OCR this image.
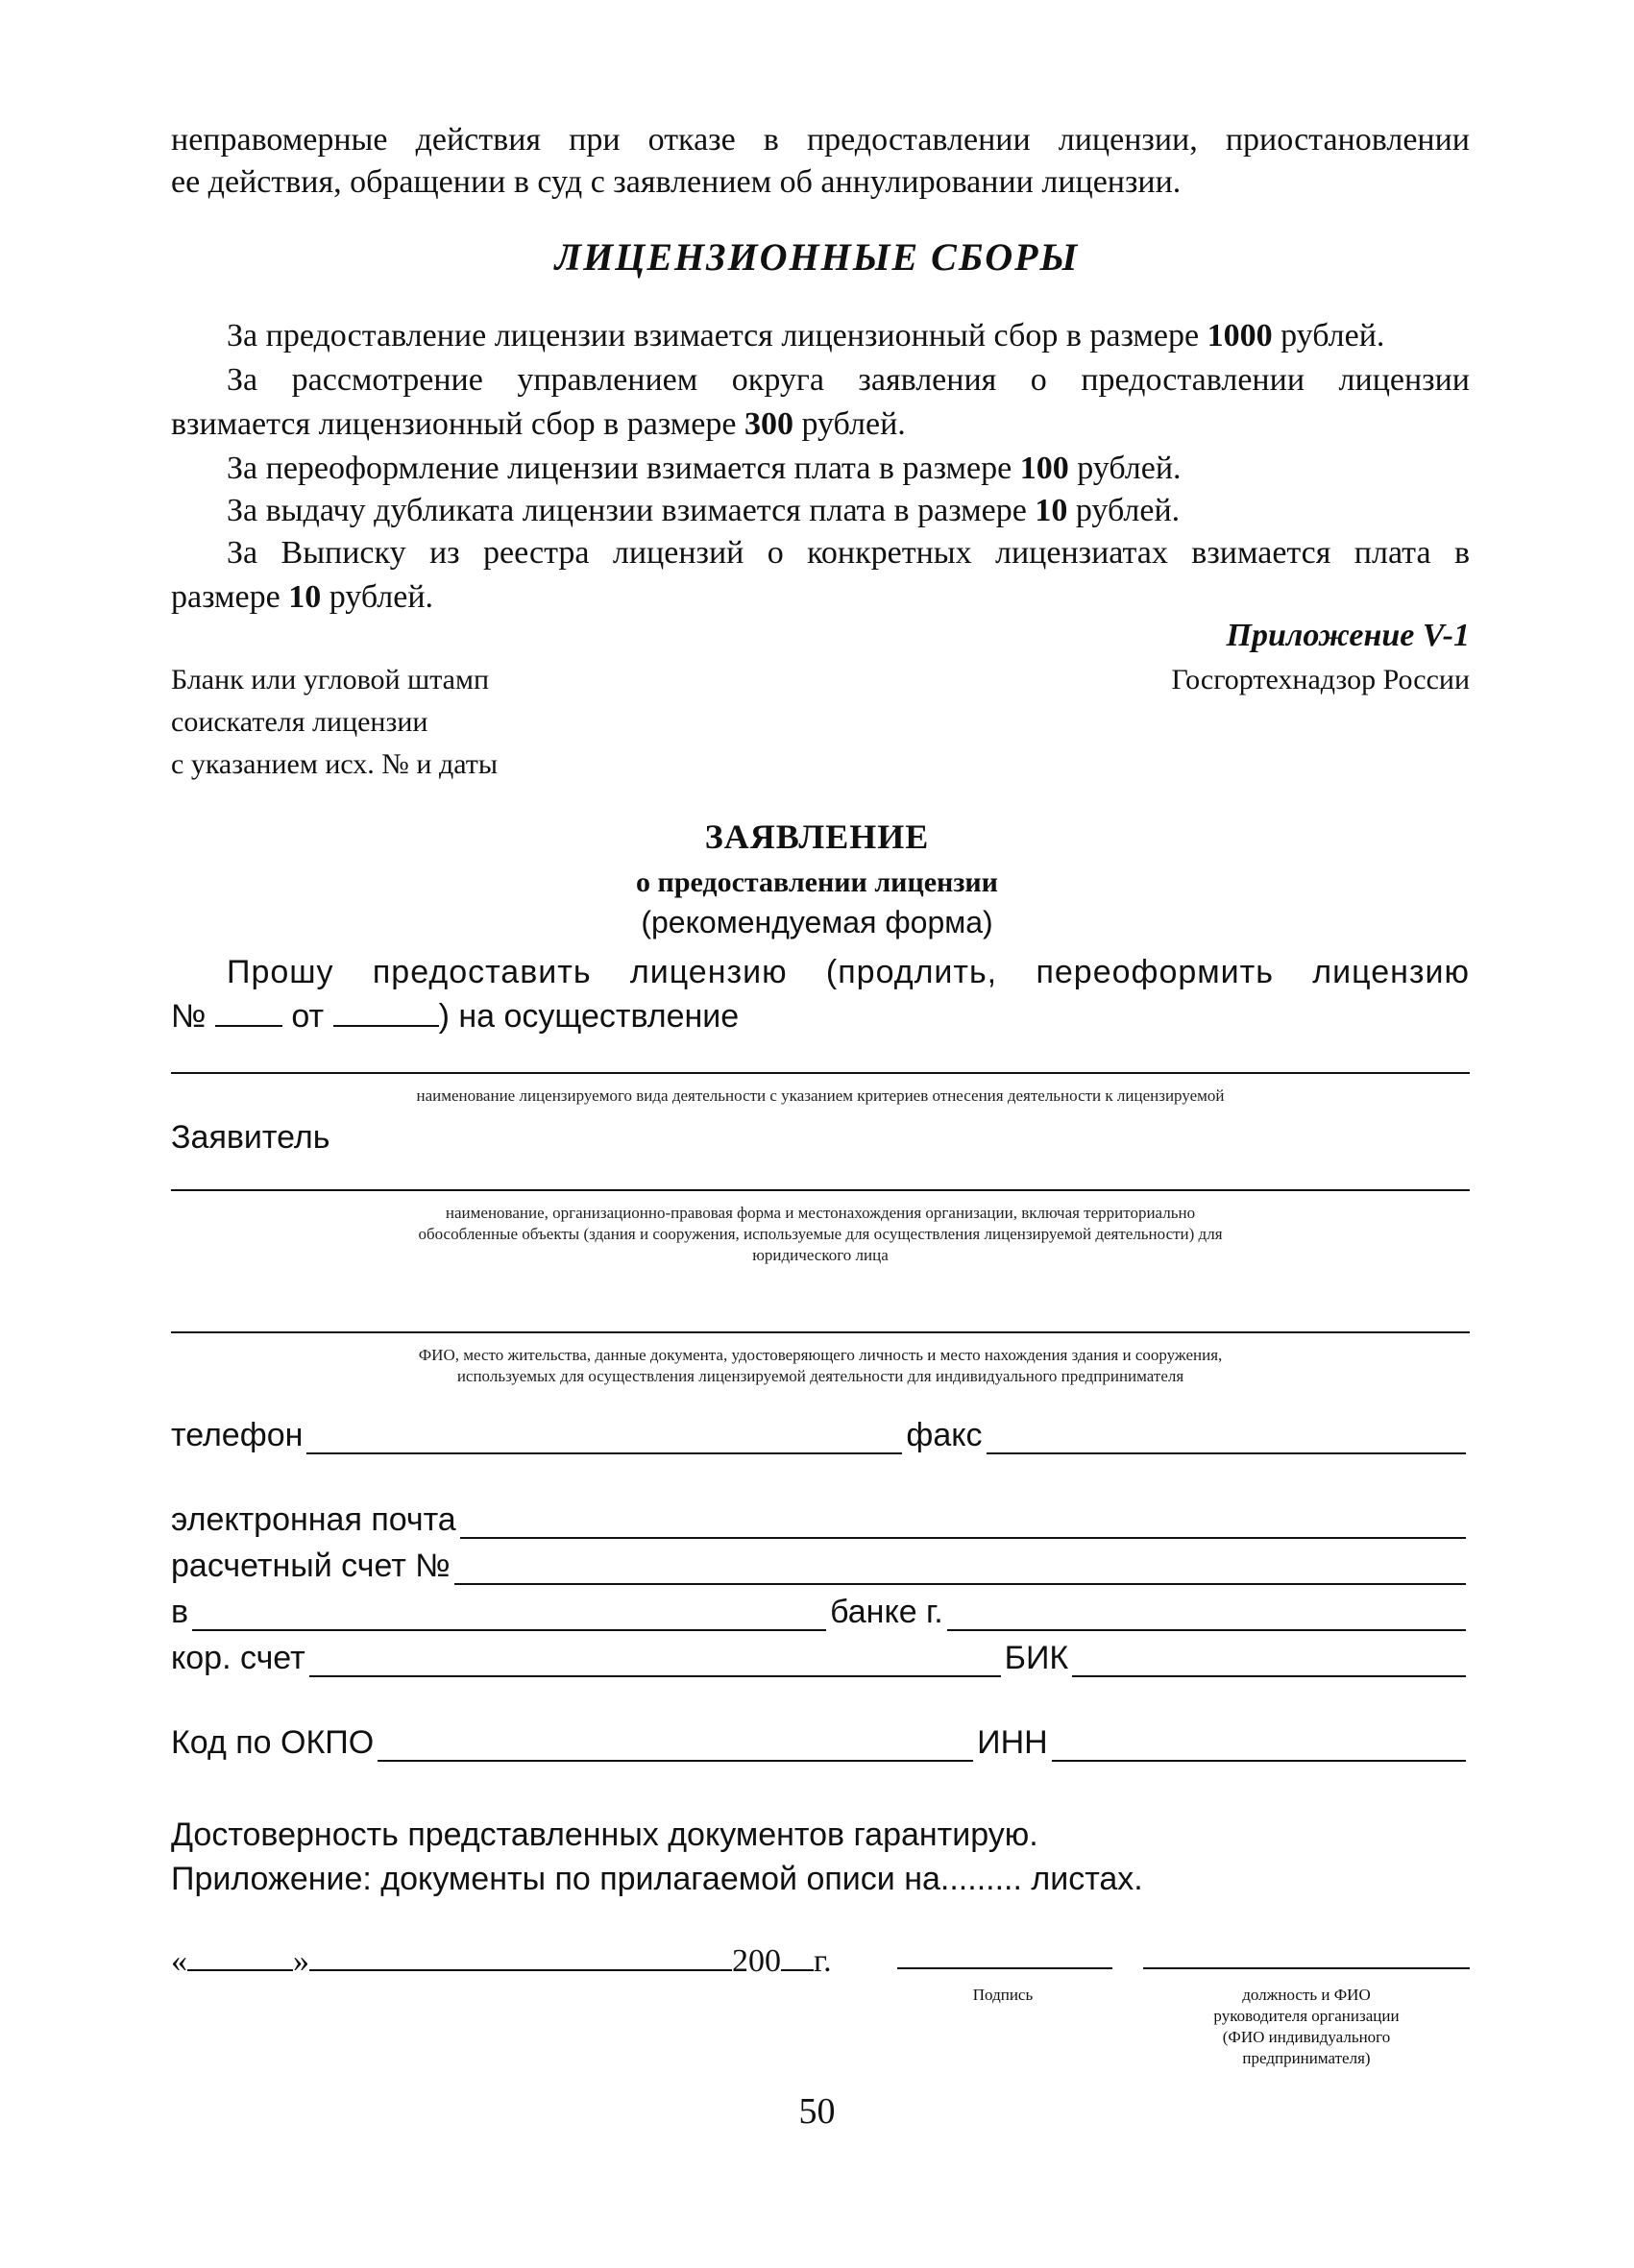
неправомерные действия при отказе в предоставлении лицензии, приостановлении
ее действия, обращении в суд с заявлением об аннулировании лицензии.
ЛИЦЕНЗИОННЫЕ СБОРЫ
За предоставление лицензии взимается лицензионный сбор в размере 1000 рублей.
За рассмотрение управлением округа заявления о предоставлении лицензии
взимается лицензионный сбор в размере 300 рублей.
За переоформление лицензии взимается плата в размере 100 рублей.
За выдачу дубликата лицензии взимается плата в размере 10 рублей.
За Выписку из реестра лицензий о конкретных лицензиатах взимается плата в
размере 10 рублей.
Приложение V-1
Госгортехнадзор России
Бланк или угловой штамп
соискателя лицензии
с указанием исх. № и даты
ЗАЯВЛЕНИЕ
о предоставлении лицензии
(рекомендуемая форма)
Прошу предоставить лицензию (продлить, переоформить лицензию
№	от	) на осуществление
наименование лицензируемого вида деятельности с указанием критериев отнесения деятельности к лицензируемой
Заявитель
наименование, организационно-правовая форма и местонахождения организации, включая территориально
обособленные объекты (здания и сооружения, используемые для осуществления лицензируемой деятельности) для
юридического лица
ФИО, место жительства, данные документа, удостоверяющего личность и место нахождения здания и сооружения,
используемых для осуществления лицензируемой деятельности для индивидуального предпринимателя
телефон	факс
электронная почта
расчетный счет №
в	банке г.
кор. счет	БИК
Код по ОКПО	ИНН
Достоверность представленных документов гарантирую.
Приложение: документы по прилагаемой описи на......... листах.
«	»	200 г.
Подпись	должность и ФИО
руководителя организации
(ФИО индивидуального
предпринимателя)
50
